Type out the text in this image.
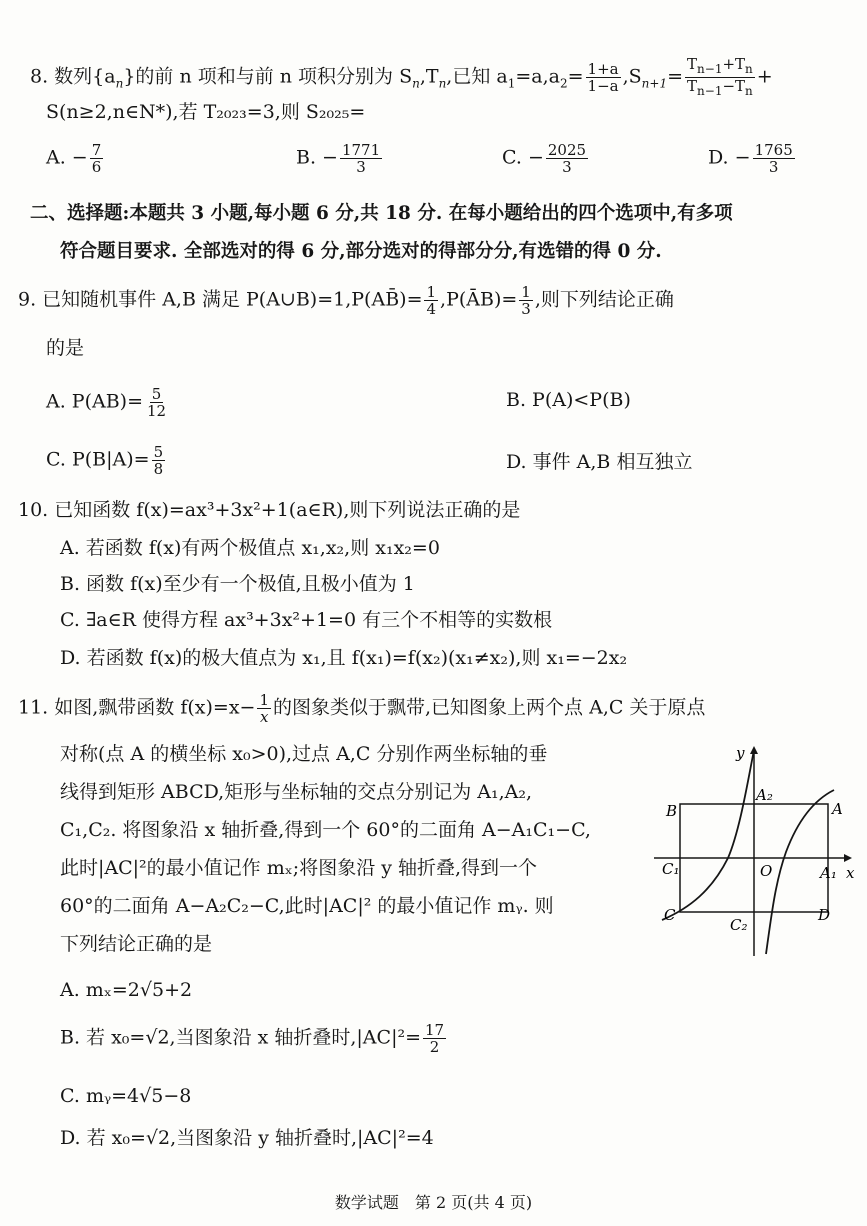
8. 数列$\{a_n\}$的前 n 项和与前 n 项积分别为 $S_n,T_n$,已知 $a_1=a,a_2= \frac{1+a}{1-a} ,S_{n+1}= \frac{T_{n-1}+T_n}{T_{n-1}-T_n}$ +
S(n≥2,n∈N*),若 T₂₀₂₃=3,则 S₂₀₂₅=
A. − $\frac{7}{6}$	B. − $\frac{1771}{3}$	C. − $\frac{2025}{3}$	D. − $\frac{1765}{3}$
二、选择题:本题共 3 小题,每小题 6 分,共 18 分. 在每小题给出的四个选项中,有多项
符合题目要求. 全部选对的得 6 分,部分选对的得部分分,有选错的得 0 分.
9. 已知随机事件 A,B 满足 P(A∪B)=1,P(AB̄)= $\frac{1}{4}$ ,P(ĀB)= $\frac{1}{3}$ ,则下列结论正确
的是
A. $P(AB)= \frac{5}{12}$	B. P(A)<P(B)
C. $P(B|A)= \frac{5}{8}$	D. 事件 A,B 相互独立
10. 已知函数 f(x)=ax³+3x²+1(a∈R),则下列说法正确的是
A. 若函数 f(x)有两个极值点 x₁,x₂,则 x₁x₂=0
B. 函数 f(x)至少有一个极值,且极小值为 1
C. ∃a∈R 使得方程 ax³+3x²+1=0 有三个不相等的实数根
D. 若函数 f(x)的极大值点为 x₁,且 f(x₁)=f(x₂)(x₁≠x₂),则 x₁=−2x₂
11. 如图,飘带函数 $f(x)=x- \frac{1}{x}$ 的图象类似于飘带,已知图象上两个点 A,C 关于原点
对称(点 A 的横坐标 x₀>0),过点 A,C 分别作两坐标轴的垂
线得到矩形 ABCD,矩形与坐标轴的交点分别记为 A₁,A₂,
C₁,C₂. 将图象沿 x 轴折叠,得到一个 60°的二面角 A−A₁C₁−C,
此时|AC|²的最小值记作 mₓ;将图象沿 y 轴折叠,得到一个
60°的二面角 A−A₂C₂−C,此时|AC|² 的最小值记作 mᵧ. 则
下列结论正确的是
y
x
A₂
B	A
C₁	O	A₁
C	D
C₂
A. mₓ=2√5+2
B. 若 x₀=√2,当图象沿 x 轴折叠时$,|AC|^2= \frac{17}{2}$
C. mᵧ=4√5−8
D. 若 x₀=√2,当图象沿 y 轴折叠时,|AC|²=4
数学试题　第 2 页(共 4 页)
